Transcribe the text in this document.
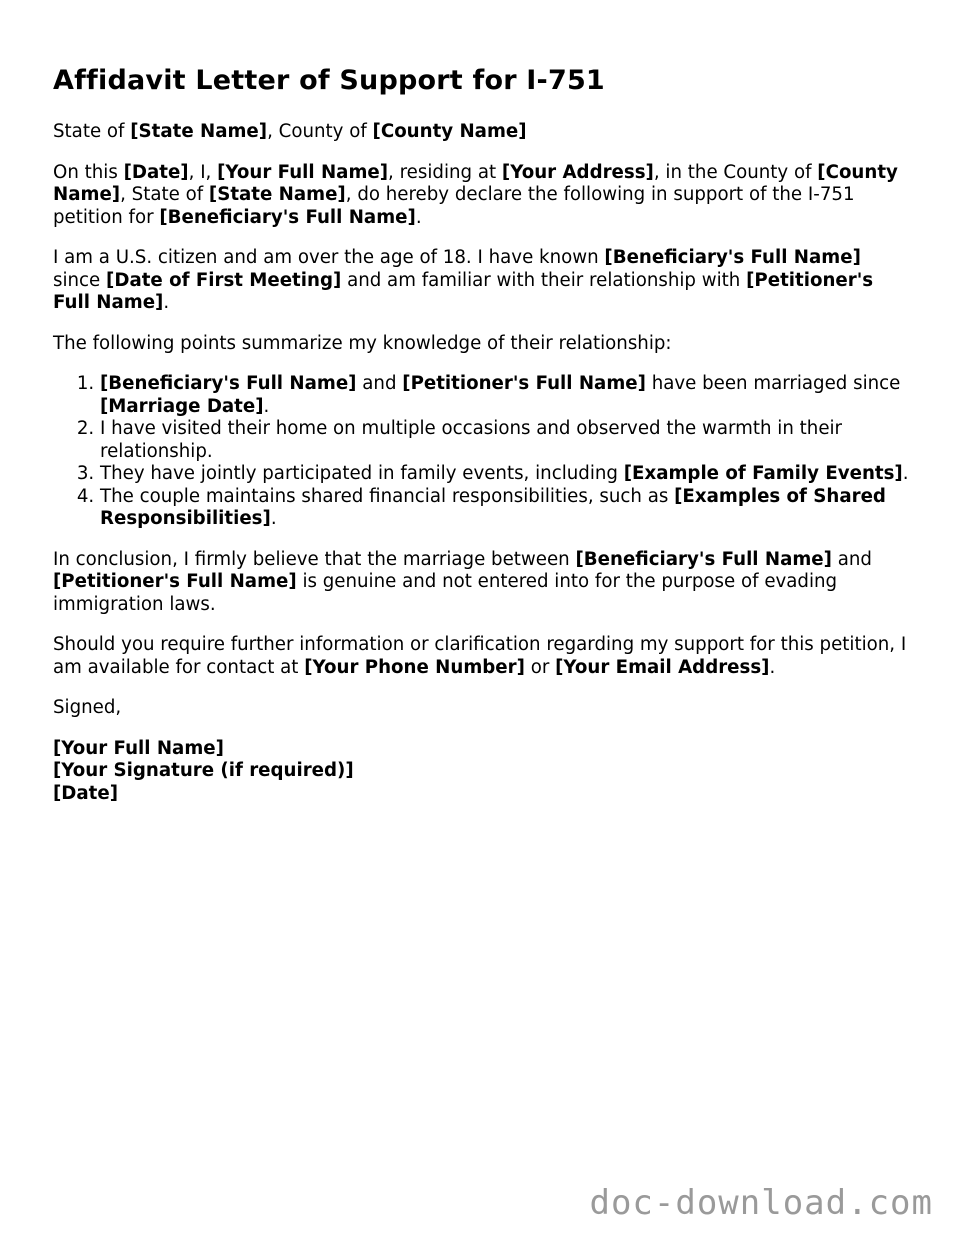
Affidavit Letter of Support for I-751

State of [State Name], County of [County Name]

On this [Date], I, [Your Full Name], residing at [Your Address], in the County of [County Name], State of [State Name], do hereby declare the following in support of the I-751 petition for [Beneficiary's Full Name].

I am a U.S. citizen and am over the age of 18. I have known [Beneficiary's Full Name] since [Date of First Meeting] and am familiar with their relationship with [Petitioner's Full Name].

The following points summarize my knowledge of their relationship:

1. [Beneficiary's Full Name] and [Petitioner's Full Name] have been marriaged since [Marriage Date].
2. I have visited their home on multiple occasions and observed the warmth in their relationship.
3. They have jointly participated in family events, including [Example of Family Events].
4. The couple maintains shared financial responsibilities, such as [Examples of Shared Responsibilities].

In conclusion, I firmly believe that the marriage between [Beneficiary's Full Name] and [Petitioner's Full Name] is genuine and not entered into for the purpose of evading immigration laws.

Should you require further information or clarification regarding my support for this petition, I am available for contact at [Your Phone Number] or [Your Email Address].

Signed,

[Your Full Name]
[Your Signature (if required)]
[Date]
doc-download.com
